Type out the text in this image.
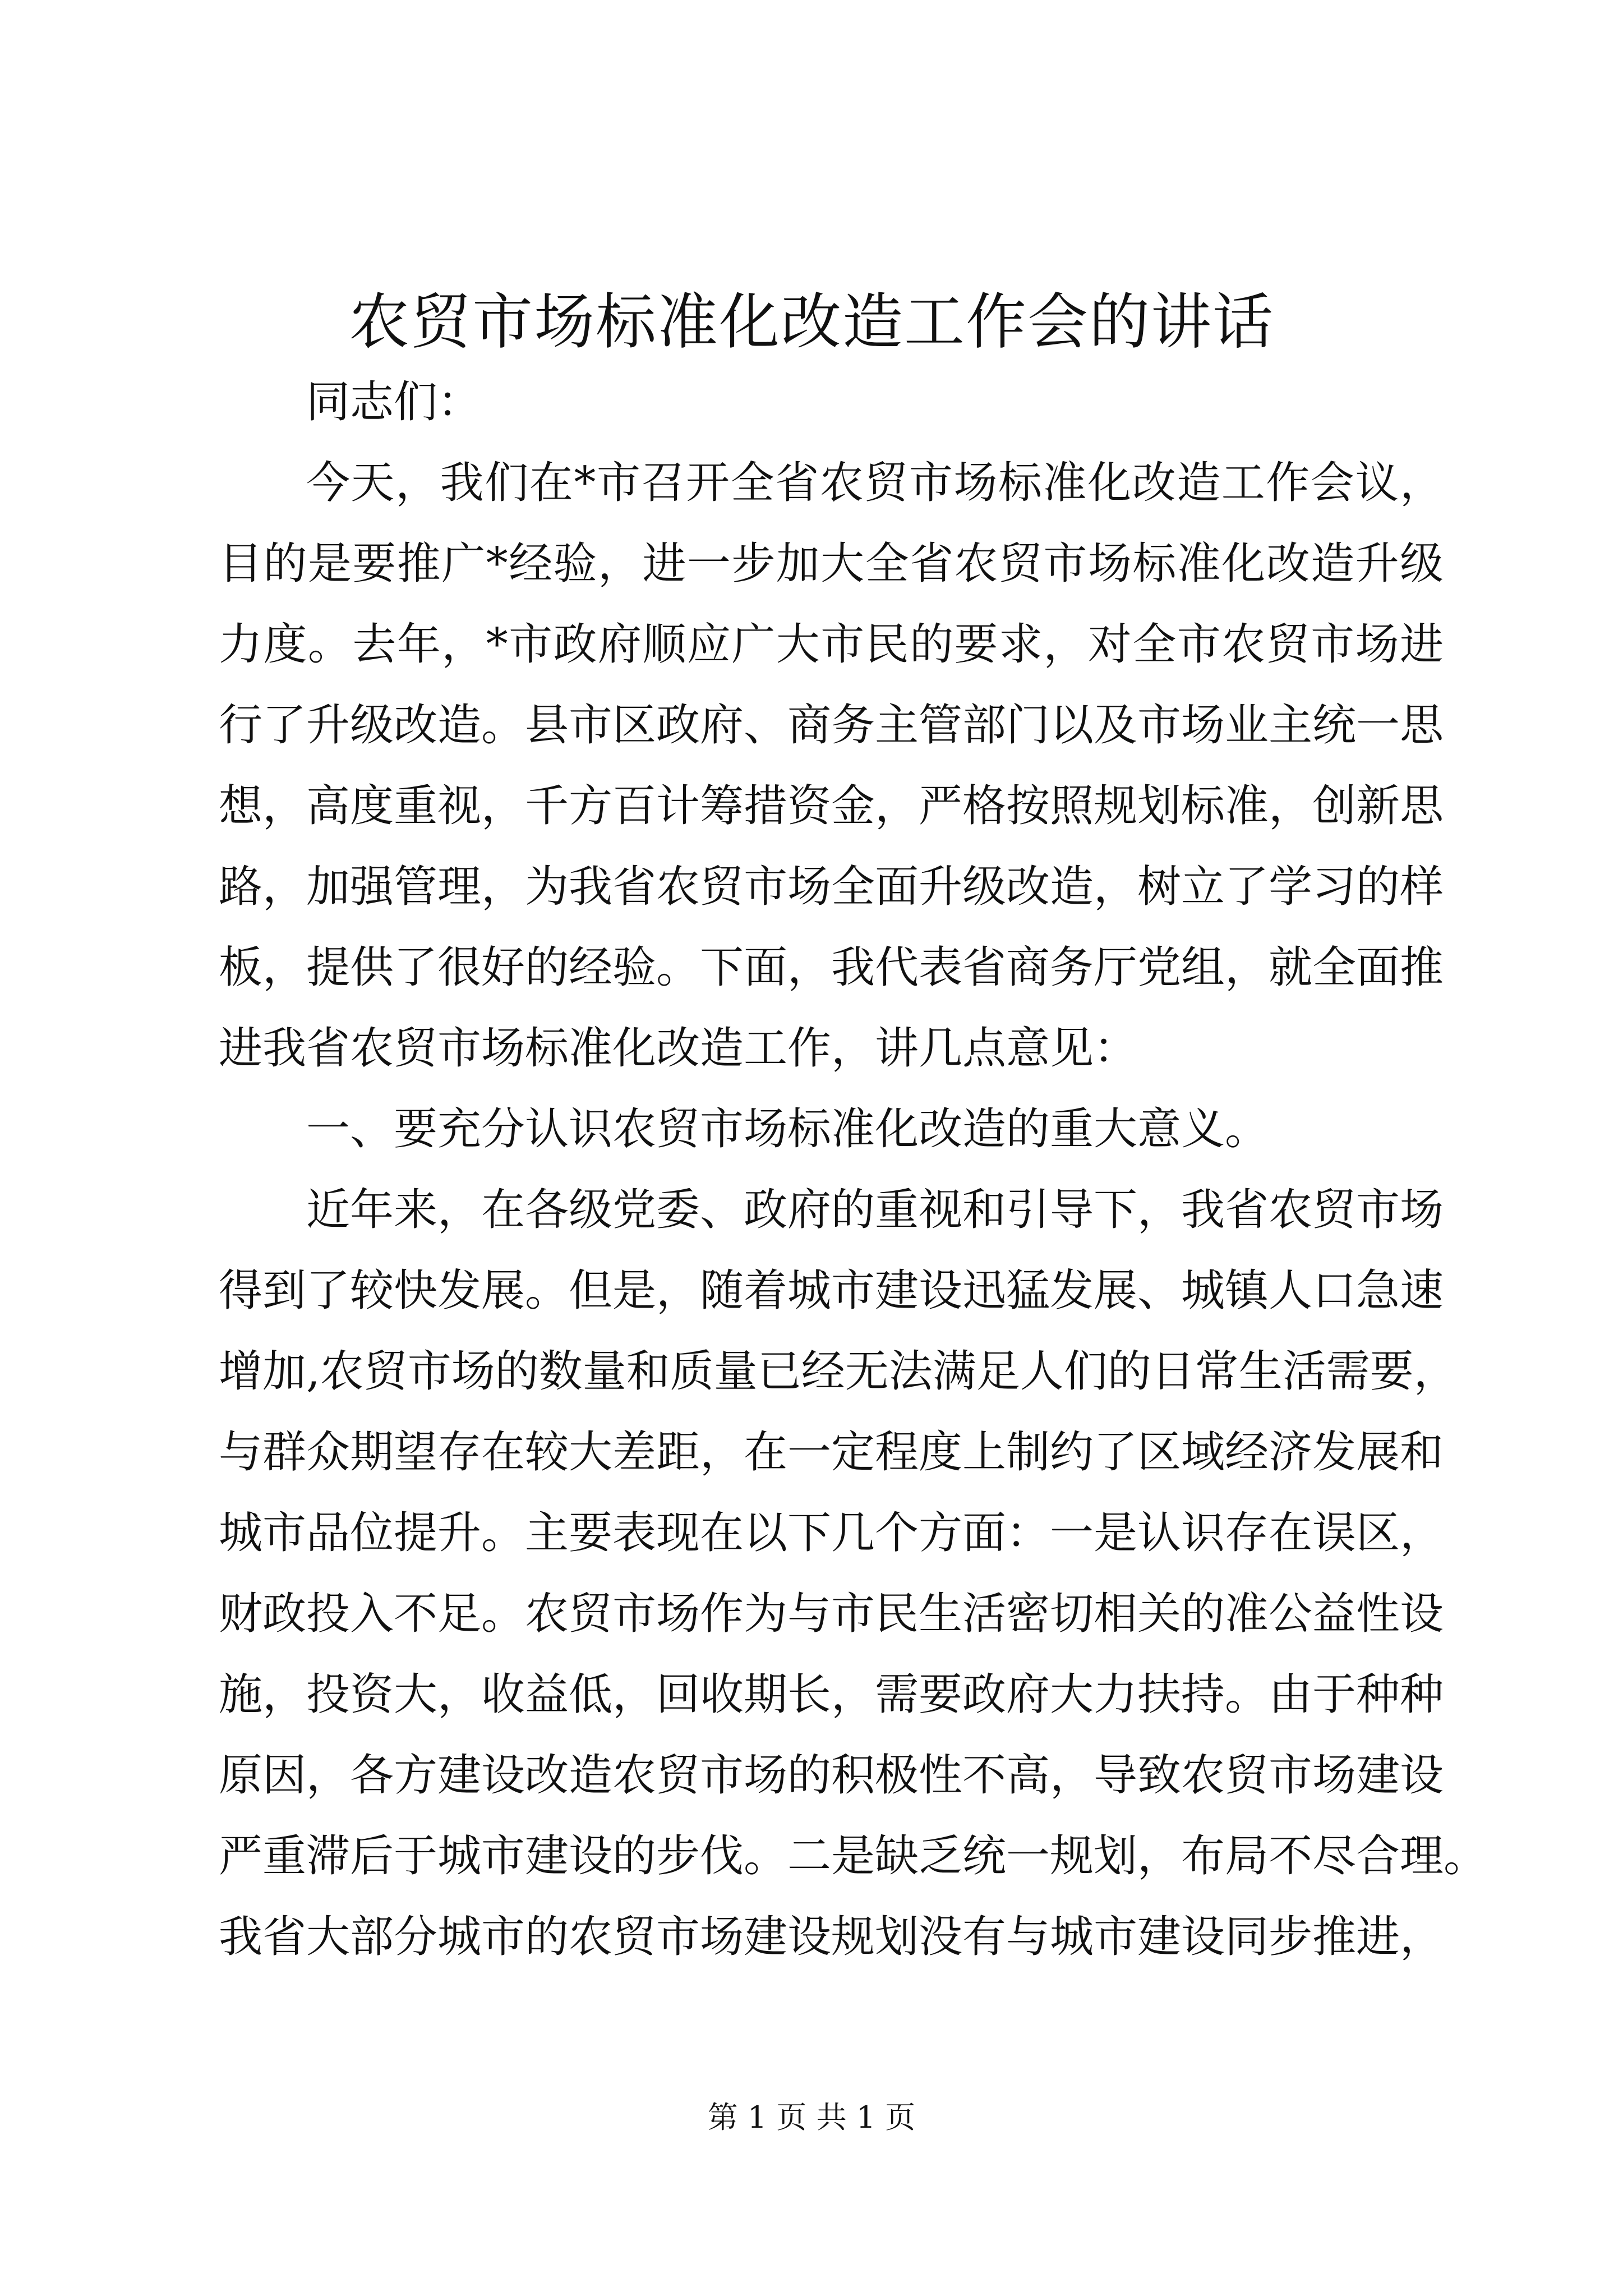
农贸市场标准化改造工作会的讲话
同志们：
今天，我们在*市召开全省农贸市场标准化改造工作会议，
目的是要推广*经验，进一步加大全省农贸市场标准化改造升级
力度。去年，*市政府顺应广大市民的要求，对全市农贸市场进
行了升级改造。县市区政府、商务主管部门以及市场业主统一思
想，高度重视，千方百计筹措资金，严格按照规划标准，创新思
路，加强管理，为我省农贸市场全面升级改造，树立了学习的样
板，提供了很好的经验。下面，我代表省商务厅党组，就全面推
进我省农贸市场标准化改造工作，讲几点意见：
一、要充分认识农贸市场标准化改造的重大意义。
近年来，在各级党委、政府的重视和引导下，我省农贸市场
得到了较快发展。但是，随着城市建设迅猛发展、城镇人口急速
增加,农贸市场的数量和质量已经无法满足人们的日常生活需要，
与群众期望存在较大差距，在一定程度上制约了区域经济发展和
城市品位提升。主要表现在以下几个方面：一是认识存在误区，
财政投入不足。农贸市场作为与市民生活密切相关的准公益性设
施，投资大，收益低，回收期长，需要政府大力扶持。由于种种
原因，各方建设改造农贸市场的积极性不高，导致农贸市场建设
严重滞后于城市建设的步伐。二是缺乏统一规划，布局不尽合理。
我省大部分城市的农贸市场建设规划没有与城市建设同步推进，
第 1 页 共 1 页
